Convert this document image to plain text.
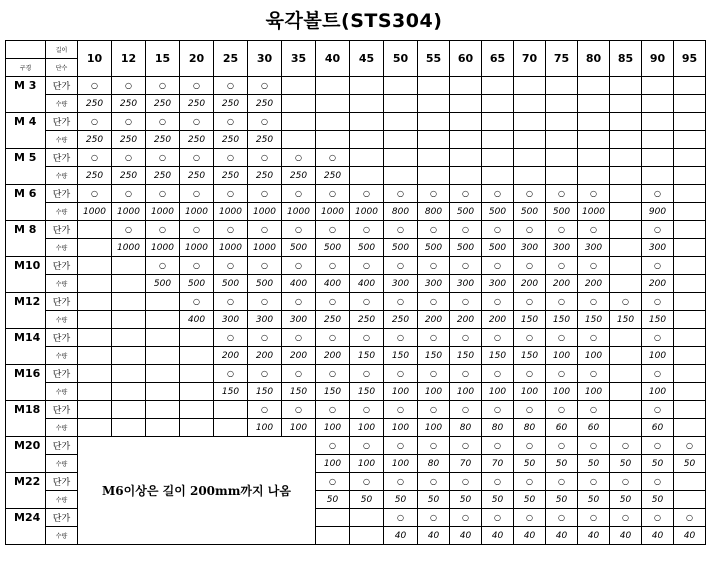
육각볼트(STS304)
	길이	10	12	15	20	25	30	35	40	45	50	55	60	65	70	75	80	85	90	95
구경	단수																			
M 3	단가	○	○	○	○	○	○													
	수량	250	250	250	250	250	250													
M 4	단가	○	○	○	○	○	○													
	수량	250	250	250	250	250	250													
M 5	단가	○	○	○	○	○	○	○	○											
	수량	250	250	250	250	250	250	250	250											
M 6	단가	○	○	○	○	○	○	○	○	○	○	○	○	○	○	○	○		○	
	수량	1000	1000	1000	1000	1000	1000	1000	1000	1000	800	800	500	500	500	500	1000		900	
M 8	단가		○	○	○	○	○	○	○	○	○	○	○	○	○	○	○		○	
	수량		1000	1000	1000	1000	1000	500	500	500	500	500	500	500	300	300	300		300	
M10	단가			○	○	○	○	○	○	○	○	○	○	○	○	○	○		○	
	수량			500	500	500	500	400	400	400	300	300	300	300	200	200	200		200	
M12	단가				○	○	○	○	○	○	○	○	○	○	○	○	○	○	○	
	수량				400	300	300	300	250	250	250	200	200	200	150	150	150	150	150	
M14	단가					○	○	○	○	○	○	○	○	○	○	○	○		○	
	수량					200	200	200	200	150	150	150	150	150	150	100	100		100	
M16	단가					○	○	○	○	○	○	○	○	○	○	○	○		○	
	수량					150	150	150	150	150	100	100	100	100	100	100	100		100	
M18	단가						○	○	○	○	○	○	○	○	○	○	○		○	
	수량						100	100	100	100	100	100	80	80	80	60	60		60	
M20	단가	M6이상은 길이 200mm까지 나옴							○	○	○	○	○	○	○	○	○	○	○	○
	수량								100	100	100	80	70	70	50	50	50	50	50	50
M22	단가								○	○	○	○	○	○	○	○	○	○	○	
	수량								50	50	50	50	50	50	50	50	50	50	50	
M24	단가										○	○	○	○	○	○	○	○	○	○
	수량										40	40	40	40	40	40	40	40	40	40
